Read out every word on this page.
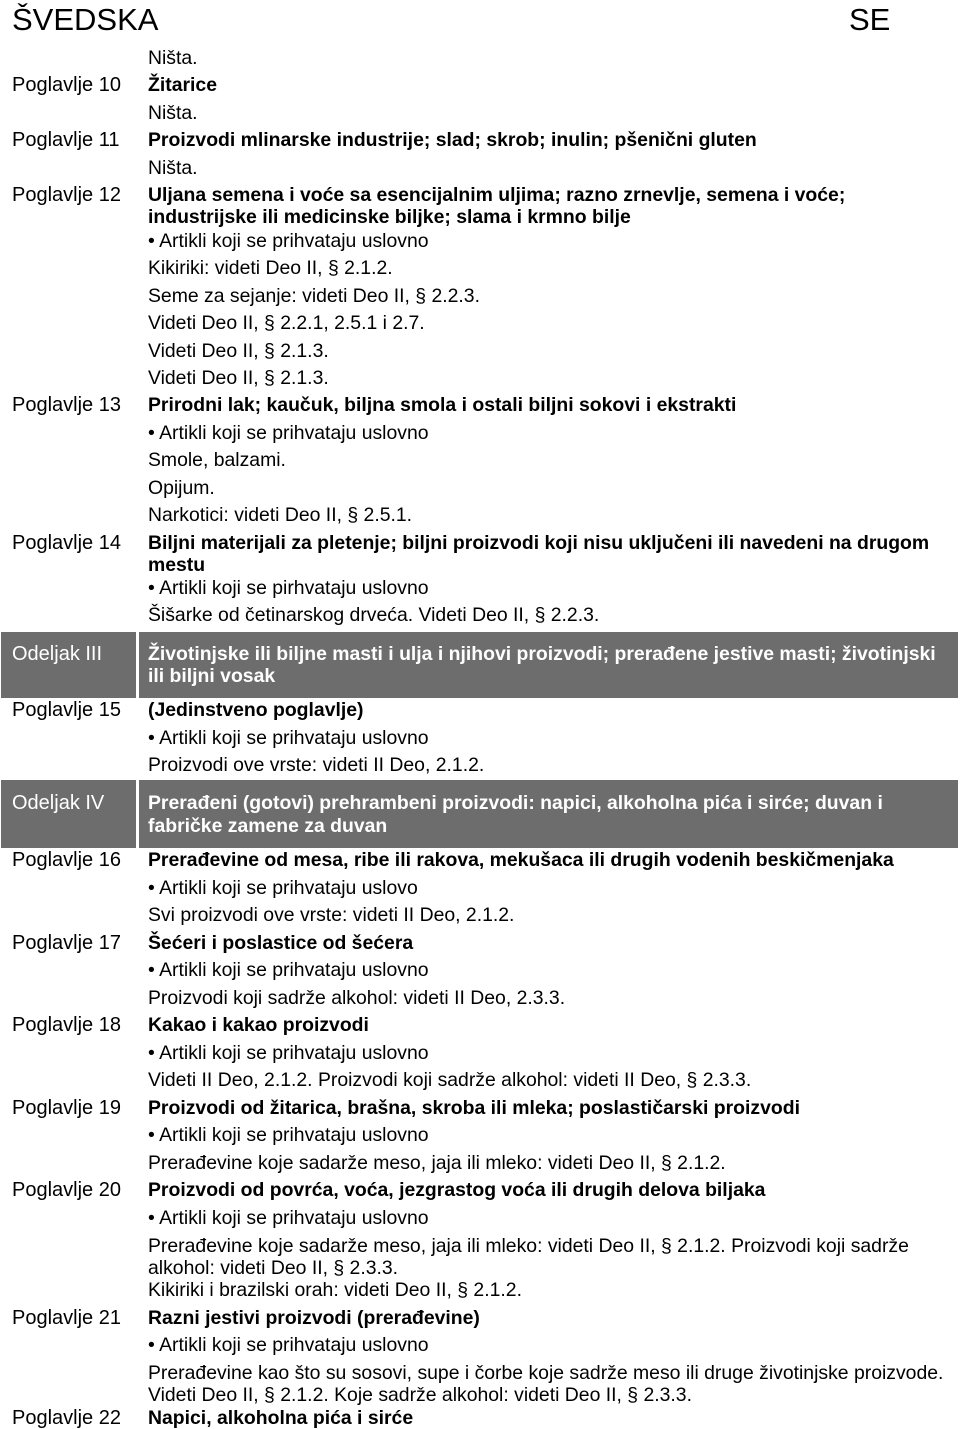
ŠVEDSKA	SE
Ništa.
Poglavlje 10 Žitarice
Ništa.
Poglavlje 11 Proizvodi mlinarske industrije; slad; skrob; inulin; pšenični gluten
Ništa.
Poglavlje 12 Uljana semena i voće sa esencijalnim uljima; razno zrnevlje, semena i voće;
industrijske ili medicinske biljke; slama i krmno bilje
• Artikli koji se prihvataju uslovno
Kikiriki: videti Deo II, § 2.1.2.
Seme za sejanje: videti Deo II, § 2.2.3.
Videti Deo II, § 2.2.1, 2.5.1 i 2.7.
Videti Deo II, § 2.1.3.
Videti Deo II, § 2.1.3.
Poglavlje 13 Prirodni lak; kaučuk, biljna smola i ostali biljni sokovi i ekstrakti
• Artikli koji se prihvataju uslovno
Smole, balzami.
Opijum.
Narkotici: videti Deo II, § 2.5.1.
Poglavlje 14 Biljni materijali za pletenje; biljni proizvodi koji nisu uključeni ili navedeni na drugom
mestu
• Artikli koji se pirhvataju uslovno
Šišarke od četinarskog drveća. Videti Deo II, § 2.2.3.
Odeljak III Životinjske ili biljne masti i ulja i njihovi proizvodi; prerađene jestive masti; životinjski
ili biljni vosak
Poglavlje 15 (Jedinstveno poglavlje)
• Artikli koji se prihvataju uslovno
Proizvodi ove vrste: videti II Deo, 2.1.2.
Odeljak IV Prerađeni (gotovi) prehrambeni proizvodi: napici, alkoholna pića i sirće; duvan i
fabričke zamene za duvan
Poglavlje 16 Prerađevine od mesa, ribe ili rakova, mekušaca ili drugih vodenih beskičmenjaka
• Artikli koji se prihvataju uslovo
Svi proizvodi ove vrste: videti II Deo, 2.1.2.
Poglavlje 17 Šećeri i poslastice od šećera
• Artikli koji se prihvataju uslovno
Proizvodi koji sadrže alkohol: videti II Deo, 2.3.3.
Poglavlje 18 Kakao i kakao proizvodi
• Artikli koji se prihvataju uslovno
Videti II Deo, 2.1.2. Proizvodi koji sadrže alkohol: videti II Deo, § 2.3.3.
Poglavlje 19 Proizvodi od žitarica, brašna, skroba ili mleka; poslastičarski proizvodi
• Artikli koji se prihvataju uslovno
Prerađevine koje sadarže meso, jaja ili mleko: videti Deo II, § 2.1.2.
Poglavlje 20 Proizvodi od povrća, voća, jezgrastog voća ili drugih delova biljaka
• Artikli koji se prihvataju uslovno
Prerađevine koje sadarže meso, jaja ili mleko: videti Deo II, § 2.1.2. Proizvodi koji sadrže
alkohol: videti Deo II, § 2.3.3.
Kikiriki i brazilski orah: videti Deo II, § 2.1.2.
Poglavlje 21 Razni jestivi proizvodi (prerađevine)
• Artikli koji se prihvataju uslovno
Prerađevine kao što su sosovi, supe i čorbe koje sadrže meso ili druge životinjske proizvode.
Videti Deo II, § 2.1.2. Koje sadrže alkohol: videti Deo II, § 2.3.3.
Poglavlje 22 Napici, alkoholna pića i sirće
